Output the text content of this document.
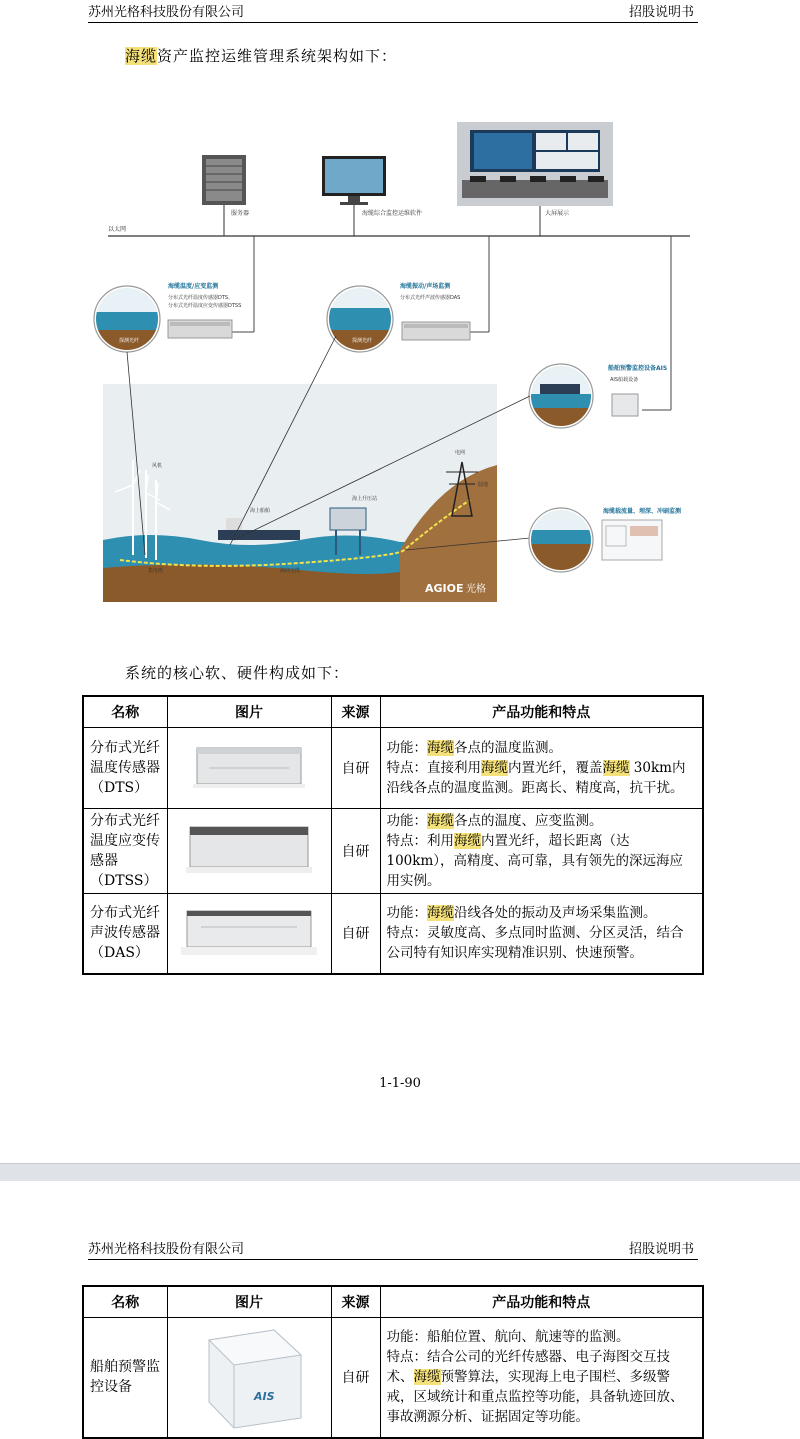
苏州光格科技股份有限公司	招股说明书
海缆资产监控运维管理系统架构如下：
以太网
服务器	海缆综合监控运维软件	大屏展示
探测光纤
海缆温度/应变监测
分布式光纤温度传感器DTS、
分布式光纤温度应变传感器DTSS
探测光纤
海缆振动/声场监测
分布式光纤声波传感器DAS
船舶预警监控设备AIS
AIS船载设备
AGIOE 光格
风机
海上船舶
海上升压站
电网
陆地
集电缆	海底电缆
海缆载流量、埋深、冲刷监测
系统的核心软、硬件构成如下：
名称	图片	来源	产品功能和特点
分布式光纤温度传感器（DTS）		自研	功能：海缆各点的温度监测。
特点：直接利用海缆内置光纤，覆盖海缆 30km内沿线各点的温度监测。距离长、精度高，抗干扰。

分布式光纤温度应变传感器（DTSS）		自研	功能：海缆各点的温度、应变监测。
特点：利用海缆内置光纤，超长距离（达100km），高精度、高可靠，具有领先的深远海应用实例。

分布式光纤声波传感器（DAS）		自研	功能：海缆沿线各处的振动及声场采集监测。
特点：灵敏度高、多点同时监测、分区灵活，结合公司特有知识库实现精准识别、快速预警。
1-1-90
苏州光格科技股份有限公司	招股说明书
名称	图片	来源	产品功能和特点
船舶预警监控设备	AIS	自研	功能：船舶位置、航向、航速等的监测。
特点：结合公司的光纤传感器、电子海图交互技术、海缆预警算法，实现海上电子围栏、多级警戒，区域统计和重点监控等功能，具备轨迹回放、事故溯源分析、证据固定等功能。
